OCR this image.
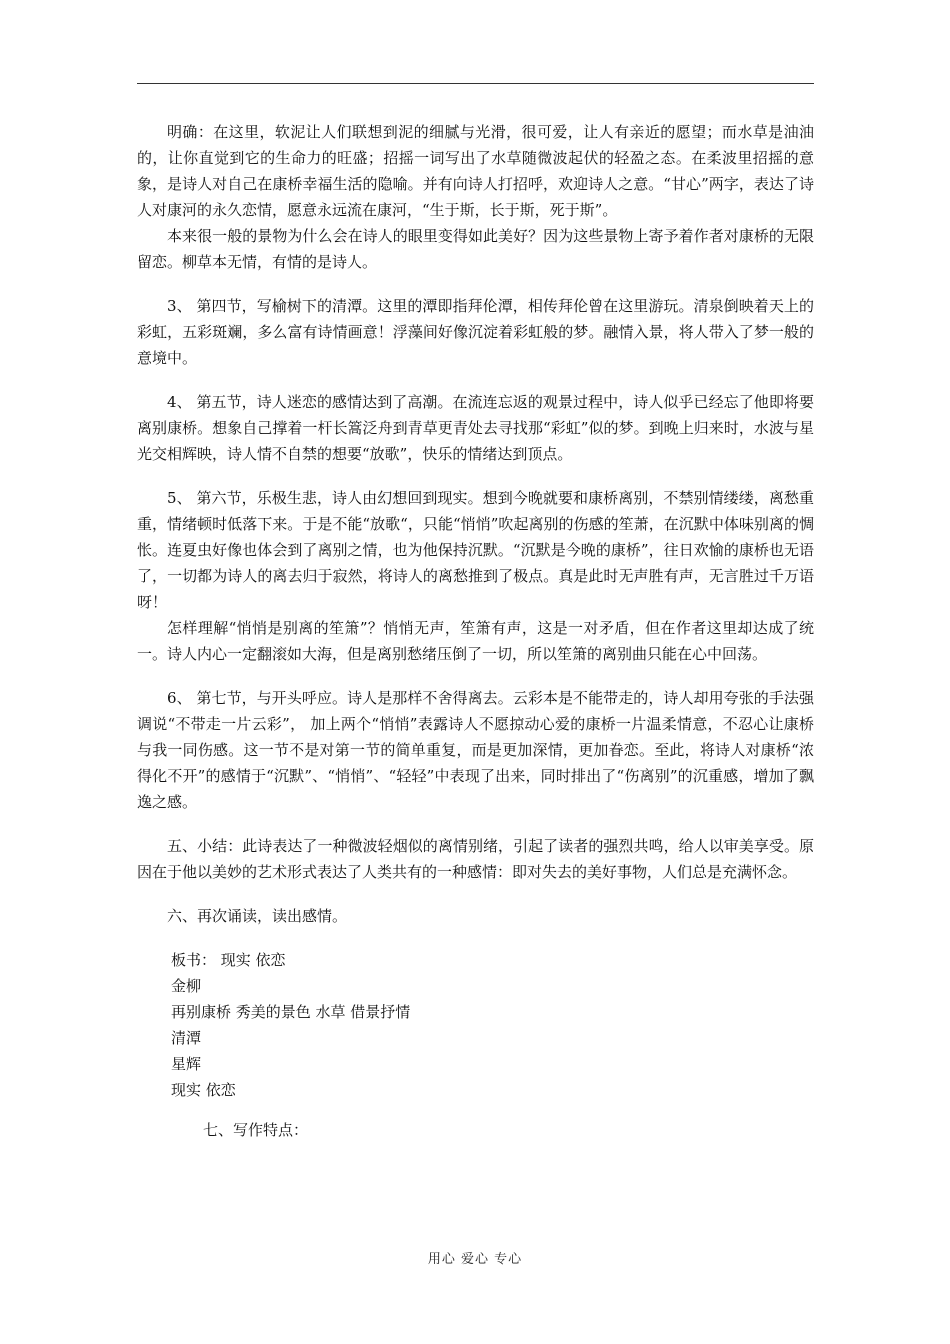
明确：在这里，软泥让人们联想到泥的细腻与光滑，很可爱，让人有亲近的愿望；而水草是油油的，让你直觉到它的生命力的旺盛；招摇一词写出了水草随微波起伏的轻盈之态。在柔波里招摇的意象，是诗人对自己在康桥幸福生活的隐喻。并有向诗人打招呼，欢迎诗人之意。“甘心”两字，表达了诗人对康河的永久恋情，愿意永远流在康河，“生于斯，长于斯，死于斯”。

本来很一般的景物为什么会在诗人的眼里变得如此美好？因为这些景物上寄予着作者对康桥的无限留恋。柳草本无情，有情的是诗人。

3、 第四节，写榆树下的清潭。这里的潭即指拜伦潭，相传拜伦曾在这里游玩。清泉倒映着天上的彩虹，五彩斑斓，多么富有诗情画意！浮藻间好像沉淀着彩虹般的梦。融情入景，将人带入了梦一般的意境中。

4、 第五节，诗人迷恋的感情达到了高潮。在流连忘返的观景过程中，诗人似乎已经忘了他即将要离别康桥。想象自己撑着一杆长篙泛舟到青草更青处去寻找那“彩虹”似的梦。到晚上归来时，水波与星光交相辉映，诗人情不自禁的想要“放歌”，快乐的情绪达到顶点。

5、 第六节，乐极生悲，诗人由幻想回到现实。想到今晚就要和康桥离别，不禁别情缕缕，离愁重重，情绪顿时低落下来。于是不能“放歌“，只能“悄悄”吹起离别的伤感的笙萧，在沉默中体味别离的惆怅。连夏虫好像也体会到了离别之情，也为他保持沉默。“沉默是今晚的康桥”，往日欢愉的康桥也无语了，一切都为诗人的离去归于寂然，将诗人的离愁推到了极点。真是此时无声胜有声，无言胜过千万语呀！

怎样理解“悄悄是别离的笙箫”？悄悄无声，笙箫有声，这是一对矛盾，但在作者这里却达成了统一。诗人内心一定翻滚如大海，但是离别愁绪压倒了一切，所以笙箫的离别曲只能在心中回荡。

6、 第七节，与开头呼应。诗人是那样不舍得离去。云彩本是不能带走的，诗人却用夸张的手法强调说“不带走一片云彩”， 加上两个“悄悄”表露诗人不愿掠动心爱的康桥一片温柔情意，不忍心让康桥与我一同伤感。这一节不是对第一节的简单重复，而是更加深情，更加眷恋。至此，将诗人对康桥“浓得化不开”的感情于“沉默”、“悄悄”、“轻轻”中表现了出来，同时排出了“伤离别”的沉重感，增加了飘逸之感。

五、小结：此诗表达了一种微波轻烟似的离情别绪，引起了读者的强烈共鸣，给人以审美享受。原因在于他以美妙的艺术形式表达了人类共有的一种感情：即对失去的美好事物，人们总是充满怀念。

六、再次诵读，读出感情。

板书： 现实 依恋

金柳

再别康桥 秀美的景色 水草 借景抒情

清潭

星辉

现实 依恋

七、写作特点：

用心 爱心 专心
